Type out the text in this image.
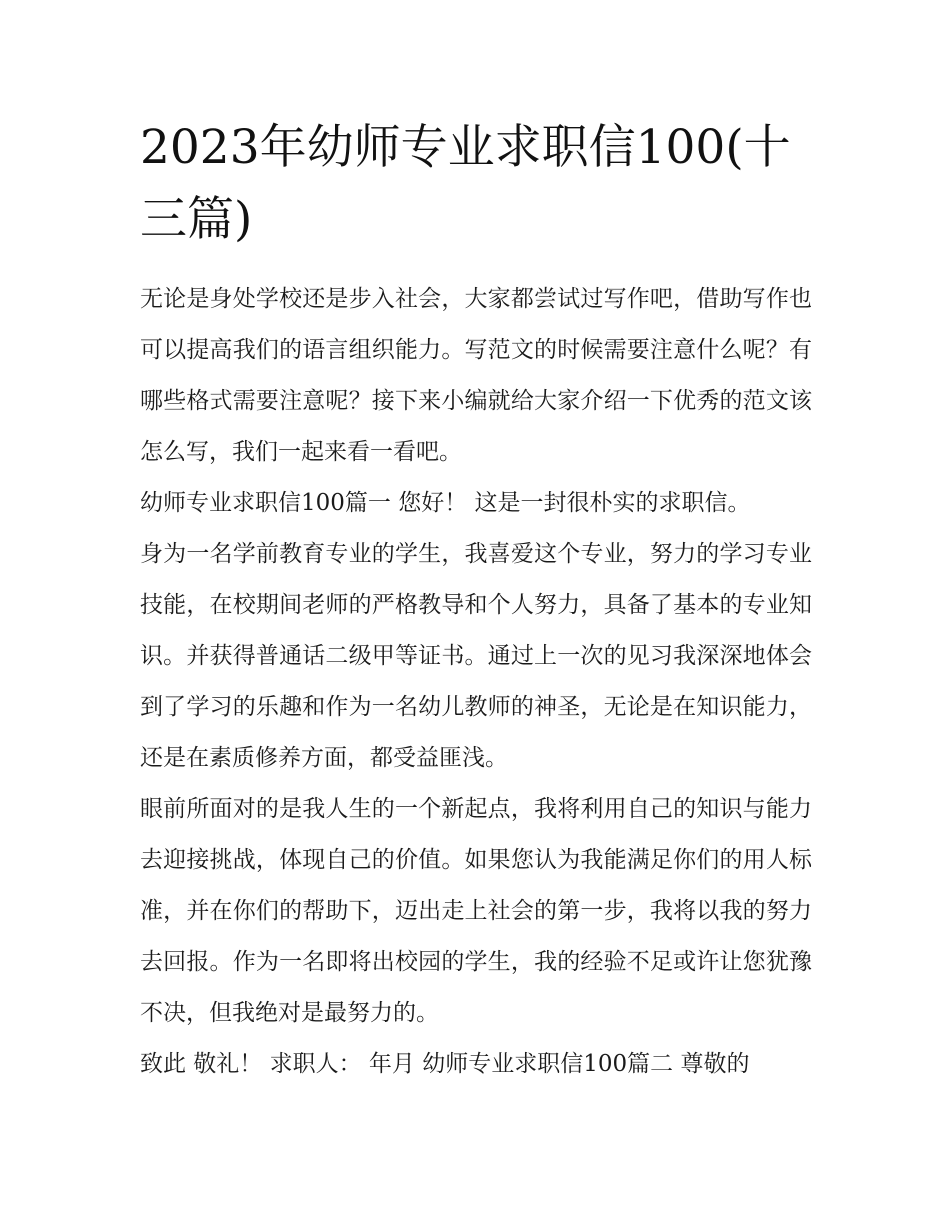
2023年幼师专业求职信100(十三篇)

无论是身处学校还是步入社会，大家都尝试过写作吧，借助写作也可以提高我们的语言组织能力。写范文的时候需要注意什么呢？有哪些格式需要注意呢？接下来小编就给大家介绍一下优秀的范文该怎么写，我们一起来看一看吧。

幼师专业求职信100篇一 您好！ 这是一封很朴实的求职信。

身为一名学前教育专业的学生，我喜爱这个专业，努力的学习专业技能，在校期间老师的严格教导和个人努力，具备了基本的专业知识。并获得普通话二级甲等证书。通过上一次的见习我深深地体会到了学习的乐趣和作为一名幼儿教师的神圣，无论是在知识能力，还是在素质修养方面，都受益匪浅。

眼前所面对的是我人生的一个新起点，我将利用自己的知识与能力去迎接挑战，体现自己的价值。如果您认为我能满足你们的用人标准，并在你们的帮助下，迈出走上社会的第一步，我将以我的努力去回报。作为一名即将出校园的学生，我的经验不足或许让您犹豫不决，但我绝对是最努力的。

致此 敬礼！ 求职人： 年月 幼师专业求职信100篇二 尊敬的
